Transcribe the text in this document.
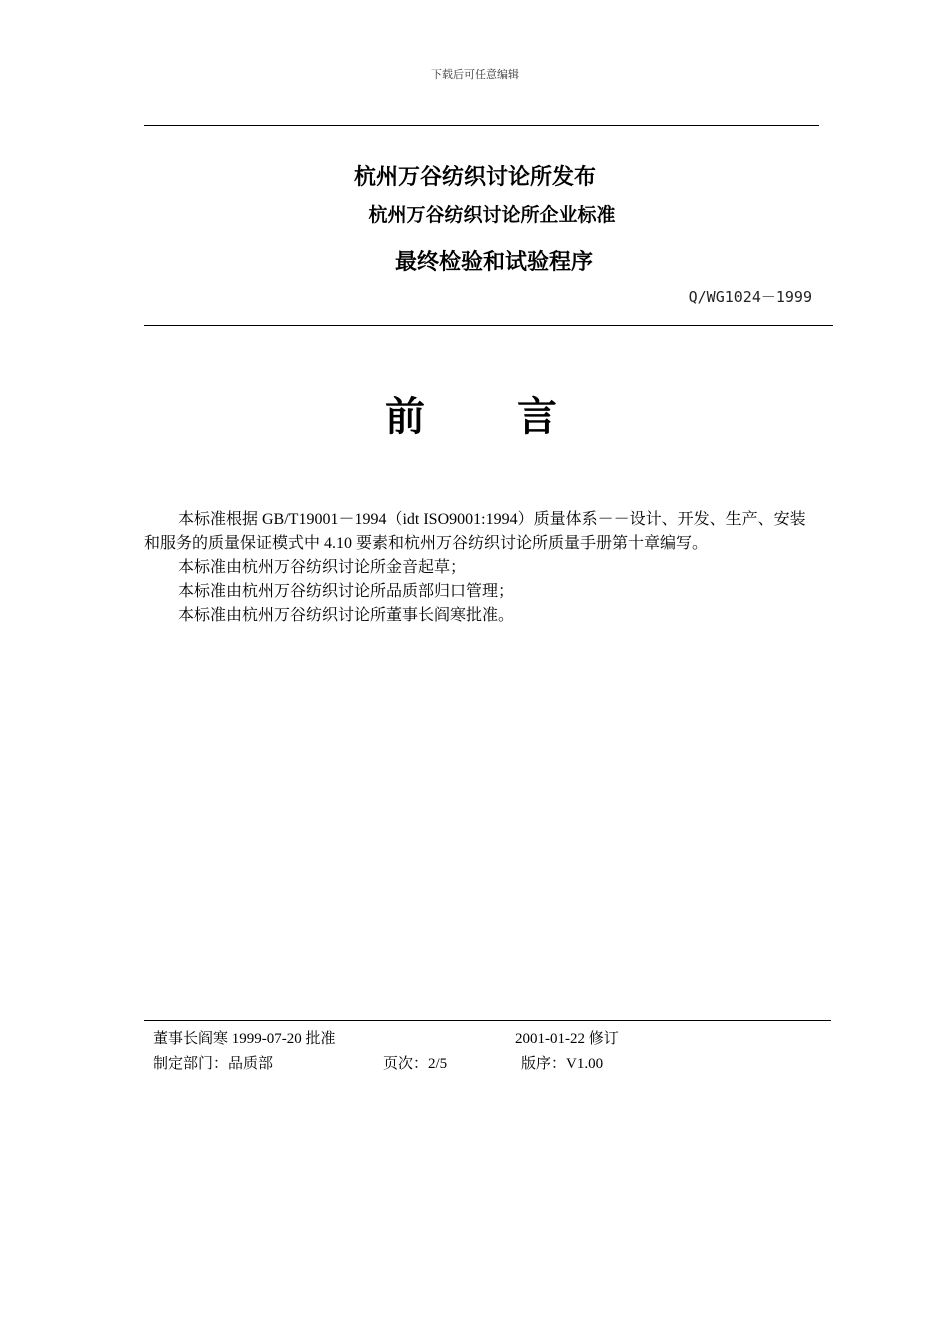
下载后可任意编辑
杭州万谷纺织讨论所发布
杭州万谷纺织讨论所企业标准
最终检验和试验程序
Q/WG1024－1999
前 言

本标准根据 GB/T19001－1994（idt ISO9001:1994）质量体系－－设计、开发、生产、安装和服务的质量保证模式中 4.10 要素和杭州万谷纺织讨论所质量手册第十章编写。

本标准由杭州万谷纺织讨论所金音起草；

本标准由杭州万谷纺织讨论所品质部归口管理；

本标准由杭州万谷纺织讨论所董事长阎寒批准。

董事长阎寒 1999-07-20 批准	2001-01-22 修订
制定部门：品质部	页次：2/5	版序：V1.00
